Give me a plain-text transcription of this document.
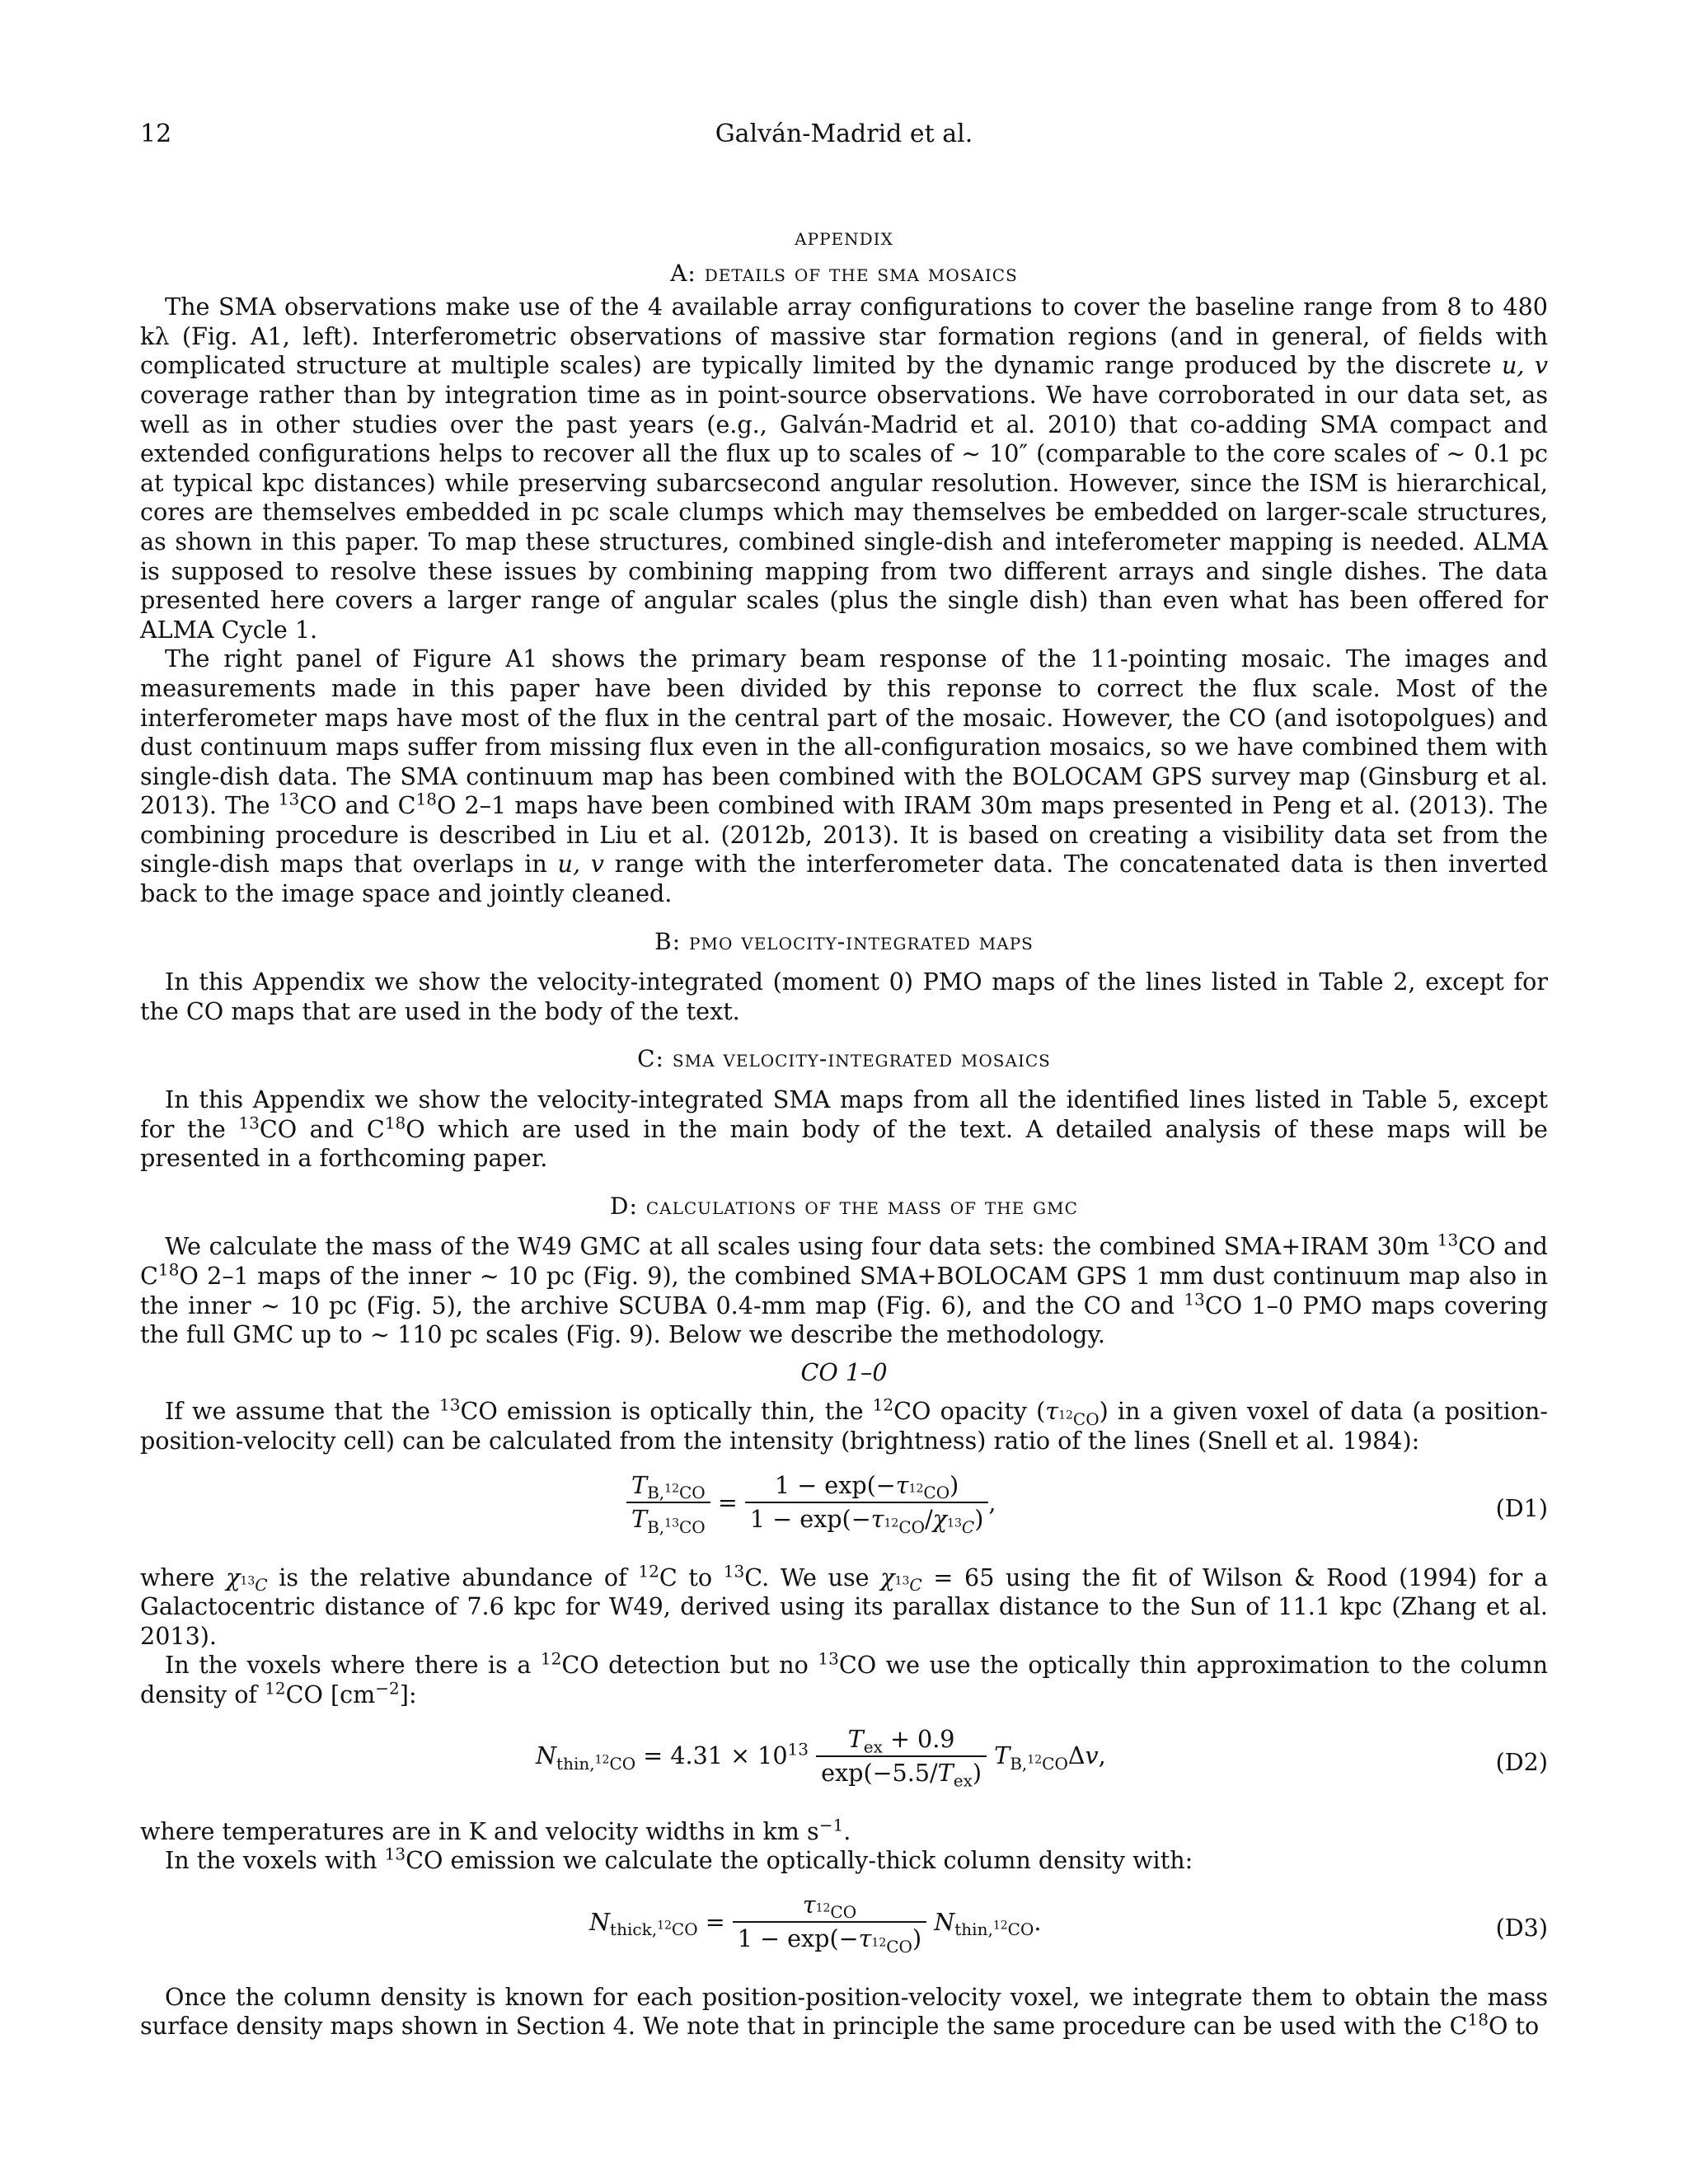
12	Galván-Madrid et al.
appendix
A: details of the sma mosaics

The SMA observations make use of the 4 available array configurations to cover the baseline range from 8 to 480 kλ (Fig. A1, left). Interferometric observations of massive star formation regions (and in general, of fields with complicated structure at multiple scales) are typically limited by the dynamic range produced by the discrete u, v coverage rather than by integration time as in point-source observations. We have corroborated in our data set, as well as in other studies over the past years (e.g., Galván-Madrid et al. 2010) that co-adding SMA compact and extended configurations helps to recover all the flux up to scales of ∼ 10″ (comparable to the core scales of ∼ 0.1 pc at typical kpc distances) while preserving subarcsecond angular resolution. However, since the ISM is hierarchical, cores are themselves embedded in pc scale clumps which may themselves be embedded on larger-scale structures, as shown in this paper. To map these structures, combined single-dish and inteferometer mapping is needed. ALMA is supposed to resolve these issues by combining mapping from two different arrays and single dishes. The data presented here covers a larger range of angular scales (plus the single dish) than even what has been offered for ALMA Cycle 1.

The right panel of Figure A1 shows the primary beam response of the 11-pointing mosaic. The images and measurements made in this paper have been divided by this reponse to correct the flux scale. Most of the interferometer maps have most of the flux in the central part of the mosaic. However, the CO (and isotopolgues) and dust continuum maps suffer from missing flux even in the all-configuration mosaics, so we have combined them with single-dish data. The SMA continuum map has been combined with the BOLOCAM GPS survey map (Ginsburg et al. 2013). The $^{13}$CO and $C^{18}O$ 2–1 maps have been combined with IRAM 30m maps presented in Peng et al. (2013). The combining procedure is described in Liu et al. (2012b, 2013). It is based on creating a visibility data set from the single-dish maps that overlaps in u, v range with the interferometer data. The concatenated data is then inverted back to the image space and jointly cleaned.

B: pmo velocity-integrated maps

In this Appendix we show the velocity-integrated (moment 0) PMO maps of the lines listed in Table 2, except for the CO maps that are used in the body of the text.

C: sma velocity-integrated mosaics

In this Appendix we show the velocity-integrated SMA maps from all the identified lines listed in Table 5, except for the $^{13}$CO and $C^{18}O$ which are used in the main body of the text. A detailed analysis of these maps will be presented in a forthcoming paper.

D: calculations of the mass of the gmc

We calculate the mass of the W49 GMC at all scales using four data sets: the combined SMA+IRAM 30m $^{13}$CO and $C^{18}O$ 2–1 maps of the inner ∼ 10 pc (Fig. 9), the combined SMA+BOLOCAM GPS 1 mm dust continuum map also in the inner ∼ 10 pc (Fig. 5), the archive SCUBA 0.4-mm map (Fig. 6), and the CO and $^{13}$CO 1–0 PMO maps covering the full GMC up to ∼ 110 pc scales (Fig. 9). Below we describe the methodology.

CO 1–0

If we assume that the $^{13}$CO emission is optically thin, the $^{12}$CO opacity $(\tau_{^{12}CO})$ in a given voxel of data (a position-position-velocity cell) can be calculated from the intensity (brightness) ratio of the lines (Snell et al. 1984):

$\frac{T_{B,^{12}CO}}{T_{B,^{13}CO}} = \frac{1 - \exp(-\tau_{^{12}CO})}{1 - \exp(-\tau_{^{12}CO}/\chi_{^{13}C})}$ ,	(D1)

where $\chi_{^{13}C}$ is the relative abundance of $^{12}$C to $^{13}$C. We use $\chi_{^{13}C} = 65$ using the fit of Wilson & Rood (1994) for a Galactocentric distance of 7.6 kpc for W49, derived using its parallax distance to the Sun of 11.1 kpc (Zhang et al. 2013).

In the voxels where there is a $^{12}$CO detection but no $^{13}$CO we use the optically thin approximation to the column density of $^{12}$CO $[cm^{-2}]$:

$N_{thin,^{12}CO} = 4.31 \times 10^{13} \frac{T_{ex} + 0.9}{\exp(-5.5/T_{ex})} T_{B,^{12}CO}\Delta v$,	(D2)

where temperatures are in K and velocity widths in km $s^{-1}$.

In the voxels with $^{13}$CO emission we calculate the optically-thick column density with:

$N_{thick,^{12}CO} = \frac{\tau_{^{12}CO}}{1 - \exp(-\tau_{^{12}CO})} N_{thin,^{12}CO}$.	(D3)

Once the column density is known for each position-position-velocity voxel, we integrate them to obtain the mass surface density maps shown in Section 4. We note that in principle the same procedure can be used with the $C^{18}O$ to
